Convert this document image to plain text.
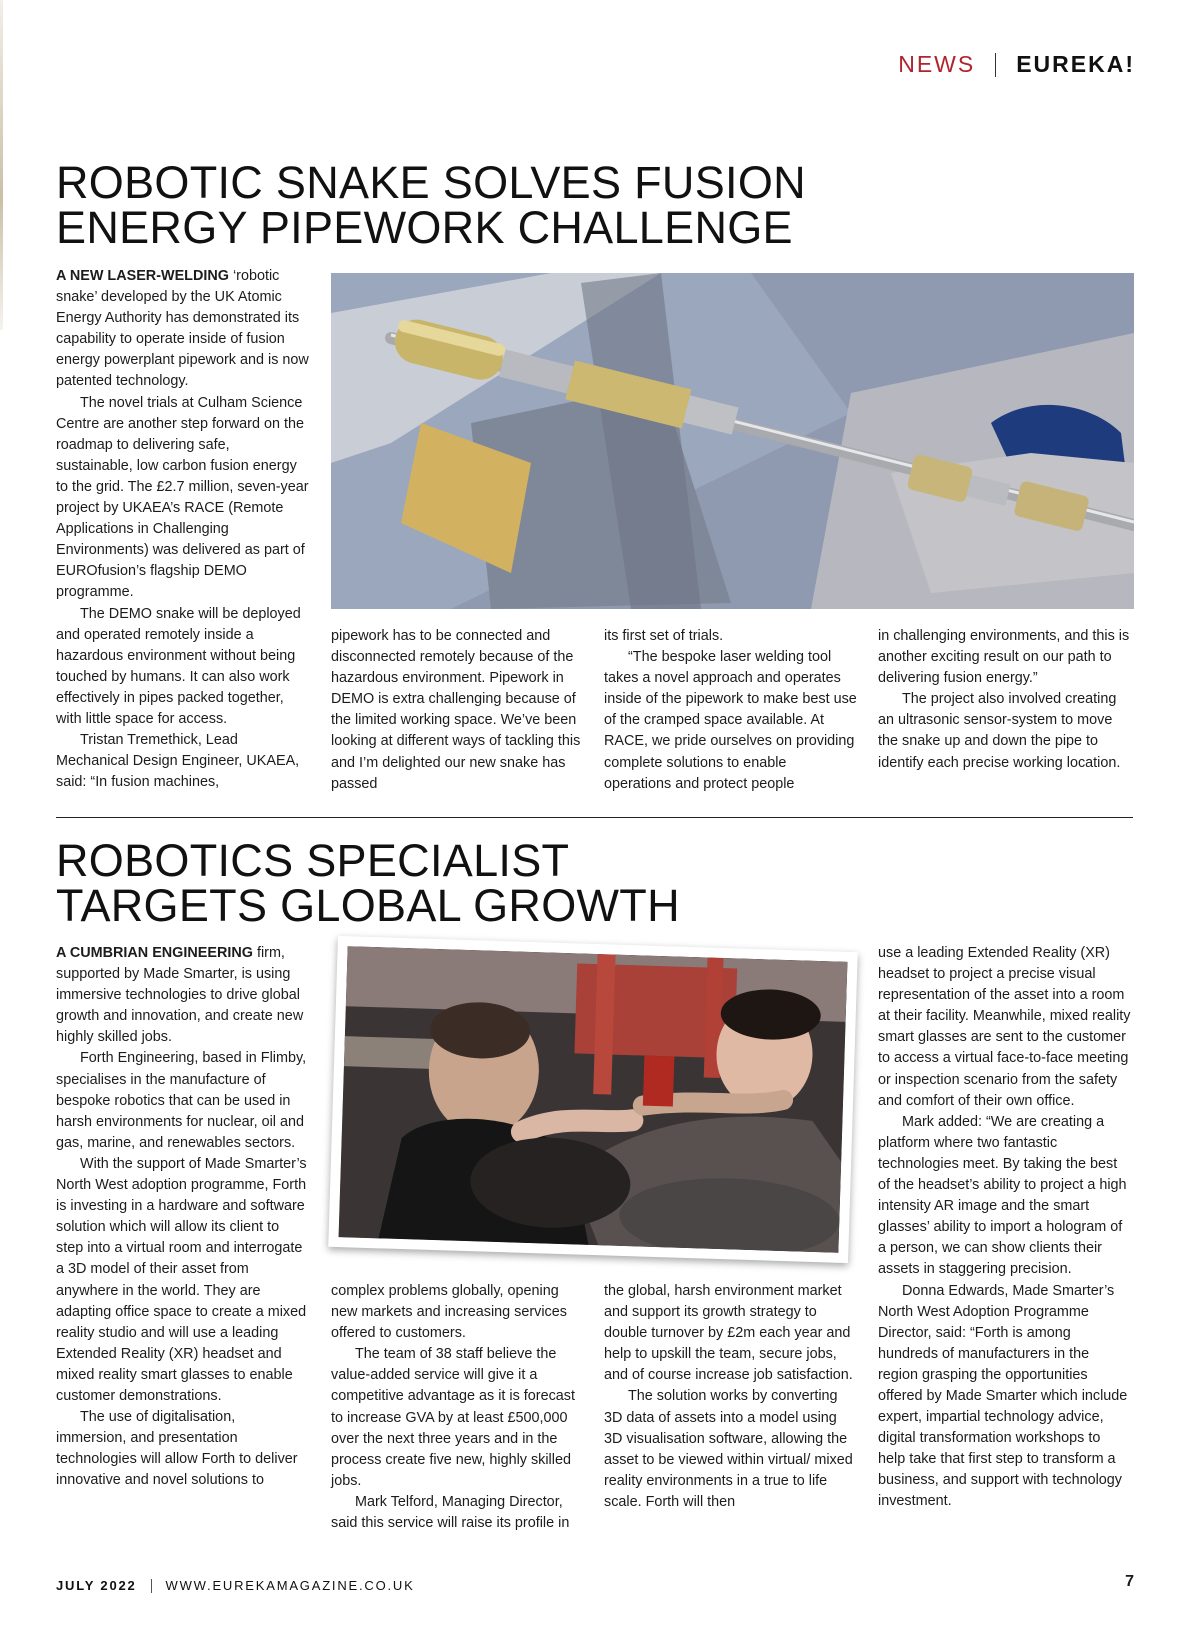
NEWS EUREKA!
ROBOTIC SNAKE SOLVES FUSION
ENERGY PIPEWORK CHALLENGE

A NEW LASER-WELDING ‘robotic snake’ developed by the UK Atomic Energy Authority has demonstrated its capability to operate inside of fusion energy powerplant pipework and is now patented technology.

The novel trials at Culham Science Centre are another step forward on the roadmap to delivering safe, sustainable, low carbon fusion energy to the grid. The £2.7 million, seven-year project by UKAEA’s RACE (Remote Applications in Challenging Environments) was delivered as part of EUROfusion’s flagship DEMO programme.

The DEMO snake will be deployed and operated remotely inside a hazardous environment without being touched by humans. It can also work effectively in pipes packed together, with little space for access.

Tristan Tremethick, Lead Mechanical Design Engineer, UKAEA, said: “In fusion machines,

pipework has to be connected and disconnected remotely because of the hazardous environment. Pipework in DEMO is extra challenging because of the limited working space. We’ve been looking at different ways of tackling this and I’m delighted our new snake has passed

its first set of trials.

“The bespoke laser welding tool takes a novel approach and operates inside of the pipework to make best use of the cramped space available. At RACE, we pride ourselves on providing complete solutions to enable operations and protect people

in challenging environments, and this is another exciting result on our path to delivering fusion energy.”

The project also involved creating an ultrasonic sensor-system to move the snake up and down the pipe to identify each precise working location.

ROBOTICS SPECIALIST
TARGETS GLOBAL GROWTH

A CUMBRIAN ENGINEERING firm, supported by Made Smarter, is using immersive technologies to drive global growth and innovation, and create new highly skilled jobs.

Forth Engineering, based in Flimby, specialises in the manufacture of bespoke robotics that can be used in harsh environments for nuclear, oil and gas, marine, and renewables sectors.

With the support of Made Smarter’s North West adoption programme, Forth is investing in a hardware and software solution which will allow its client to step into a virtual room and interrogate a 3D model of their asset from anywhere in the world. They are adapting office space to create a mixed reality studio and will use a leading Extended Reality (XR) headset and mixed reality smart glasses to enable customer demonstrations.

The use of digitalisation, immersion, and presentation technologies will allow Forth to deliver innovative and novel solutions to

complex problems globally, opening new markets and increasing services offered to customers.

The team of 38 staff believe the value-added service will give it a competitive advantage as it is forecast to increase GVA by at least £500,000 over the next three years and in the process create five new, highly skilled jobs.

Mark Telford, Managing Director, said this service will raise its profile in

the global, harsh environment market and support its growth strategy to double turnover by £2m each year and help to upskill the team, secure jobs, and of course increase job satisfaction.

The solution works by converting 3D data of assets into a model using 3D visualisation software, allowing the asset to be viewed within virtual/ mixed reality environments in a true to life scale. Forth will then

use a leading Extended Reality (XR) headset to project a precise visual representation of the asset into a room at their facility. Meanwhile, mixed reality smart glasses are sent to the customer to access a virtual face-to-face meeting or inspection scenario from the safety and comfort of their own office.

Mark added: “We are creating a platform where two fantastic technologies meet. By taking the best of the headset’s ability to project a high intensity AR image and the smart glasses’ ability to import a hologram of a person, we can show clients their assets in staggering precision.

Donna Edwards, Made Smarter’s North West Adoption Programme Director, said: “Forth is among hundreds of manufacturers in the region grasping the opportunities offered by Made Smarter which include expert, impartial technology advice, digital transformation workshops to help take that first step to transform a business, and support with technology investment.

JULY 2022 WWW.EUREKAMAGAZINE.CO.UK	7
